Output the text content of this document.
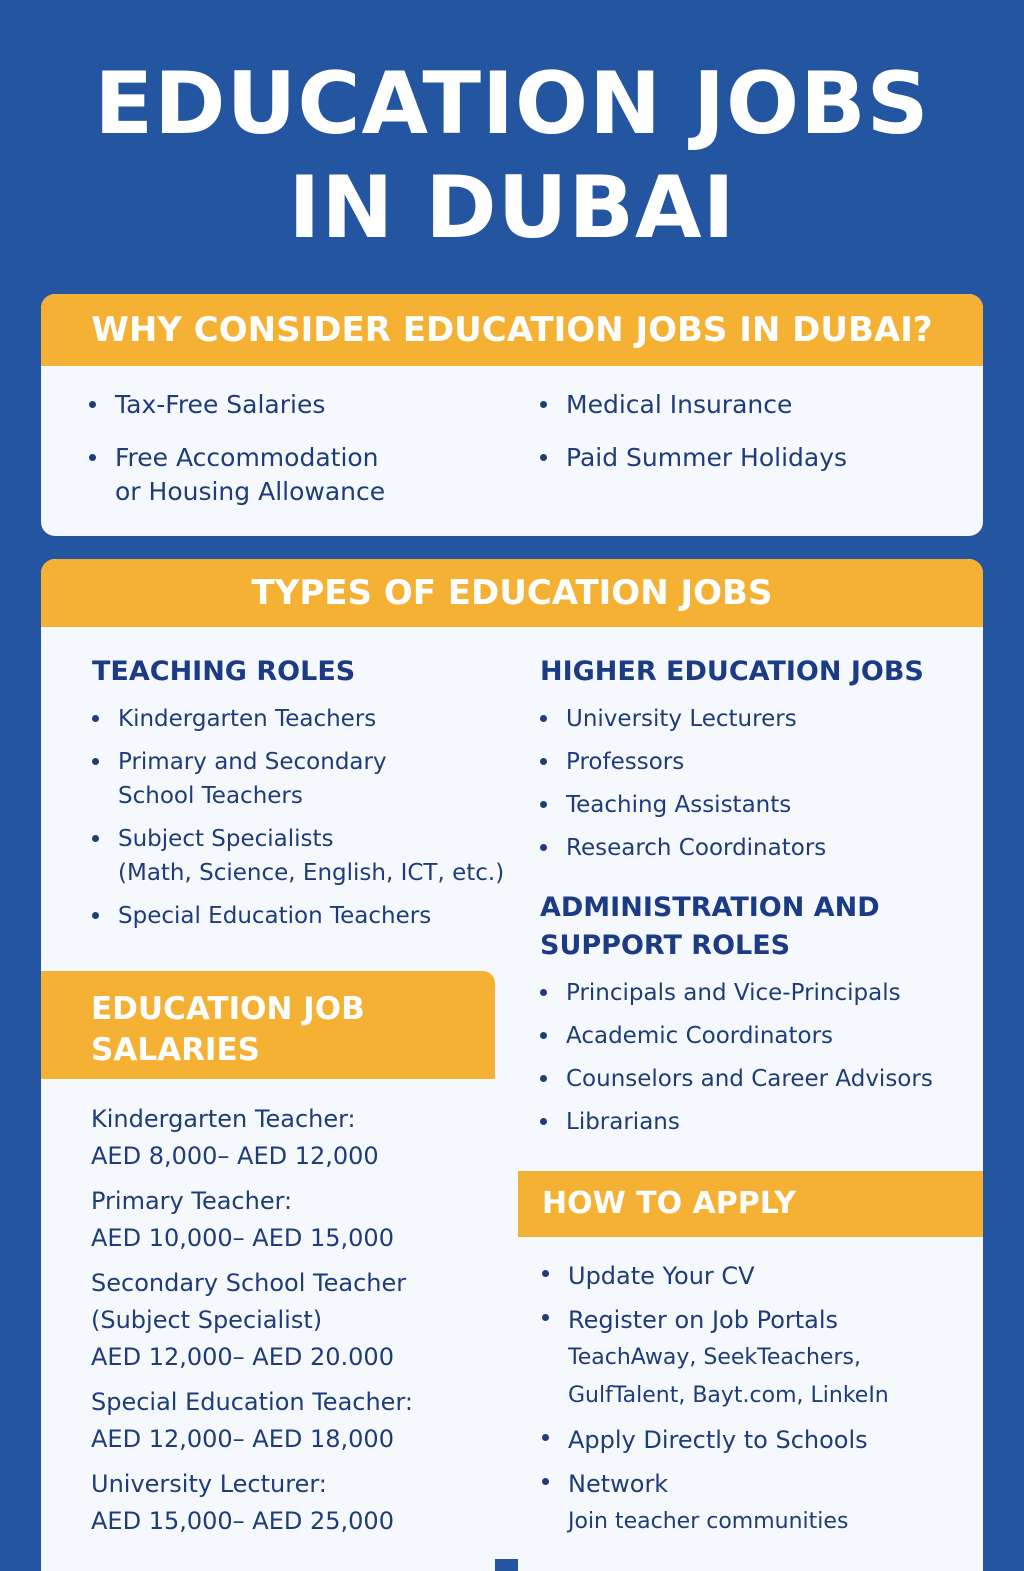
EDUCATION JOBS
IN DUBAI
WHY CONSIDER EDUCATION JOBS IN DUBAI?
Tax-Free Salaries
Free Accommodation
or Housing Allowance
Medical Insurance
Paid Summer Holidays
TYPES OF EDUCATION JOBS
TEACHING ROLES
Kindergarten Teachers
Primary and Secondary
School Teachers
Subject Specialists
(Math, Science, English, ICT, etc.)
Special Education Teachers
HIGHER EDUCATION JOBS
University Lecturers
Professors
Teaching Assistants
Research Coordinators
ADMINISTRATION AND
SUPPORT ROLES
Principals and Vice-Principals
Academic Coordinators
Counselors and Career Advisors
Librarians
EDUCATION JOB
SALARIES
Kindergarten Teacher:
AED 8,000– AED 12,000
Primary Teacher:
AED 10,000– AED 15,000
Secondary School Teacher
(Subject Specialist)
AED 12,000– AED 20.000
Special Education Teacher:
AED 12,000– AED 18,000
University Lecturer:
AED 15,000– AED 25,000
HOW TO APPLY
Update Your CV
Register on Job Portals
TeachAway, SeekTeachers,
GulfTalent, Bayt.com, LinkeIn
Apply Directly to Schools
Network
Join teacher communities
